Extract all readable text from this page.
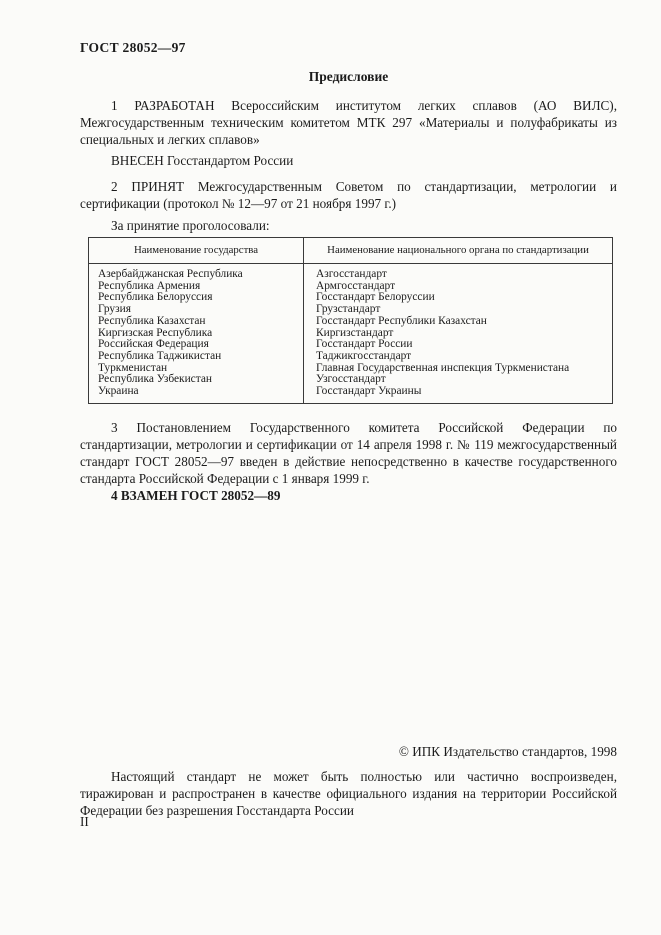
ГОСТ 28052—97
Предисловие

1 РАЗРАБОТАН Всероссийским институтом легких сплавов (АО ВИЛС), Межгосударственным техническим комитетом МТК 297 «Материалы и полуфабрикаты из специальных и легких сплавов»

ВНЕСЕН Госстандартом России

2 ПРИНЯТ Межгосударственным Советом по стандартизации, метрологии и сертификации (протокол № 12—97 от 21 ноября 1997 г.)

За принятие проголосовали:

Наименование государства	Наименование национального органа по стандартизации
Азербайджанская Республика	Азгосстандарт
Республика Армения	Армгосстандарт
Республика Белоруссия	Госстандарт Белоруссии
Грузия	Грузстандарт
Республика Казахстан	Госстандарт Республики Казахстан
Киргизская Республика	Киргизстандарт
Российская Федерация	Госстандарт России
Республика Таджикистан	Таджикгосстандарт
Туркменистан	Главная Государственная инспекция Туркменистана
Республика Узбекистан	Узгосстандарт
Украина	Госстандарт Украины

3 Постановлением Государственного комитета Российской Федерации по стандартизации, метрологии и сертификации от 14 апреля 1998 г. № 119 межгосударственный стандарт ГОСТ 28052—97 введен в действие непосредственно в качестве государственного стандарта Российской Федерации с 1 января 1999 г.

4 ВЗАМЕН ГОСТ 28052—89

© ИПК Издательство стандартов, 1998
Настоящий стандарт не может быть полностью или частично воспроизведен, тиражирован и распространен в качестве официального издания на территории Российской Федерации без разрешения Госстандарта России
II
